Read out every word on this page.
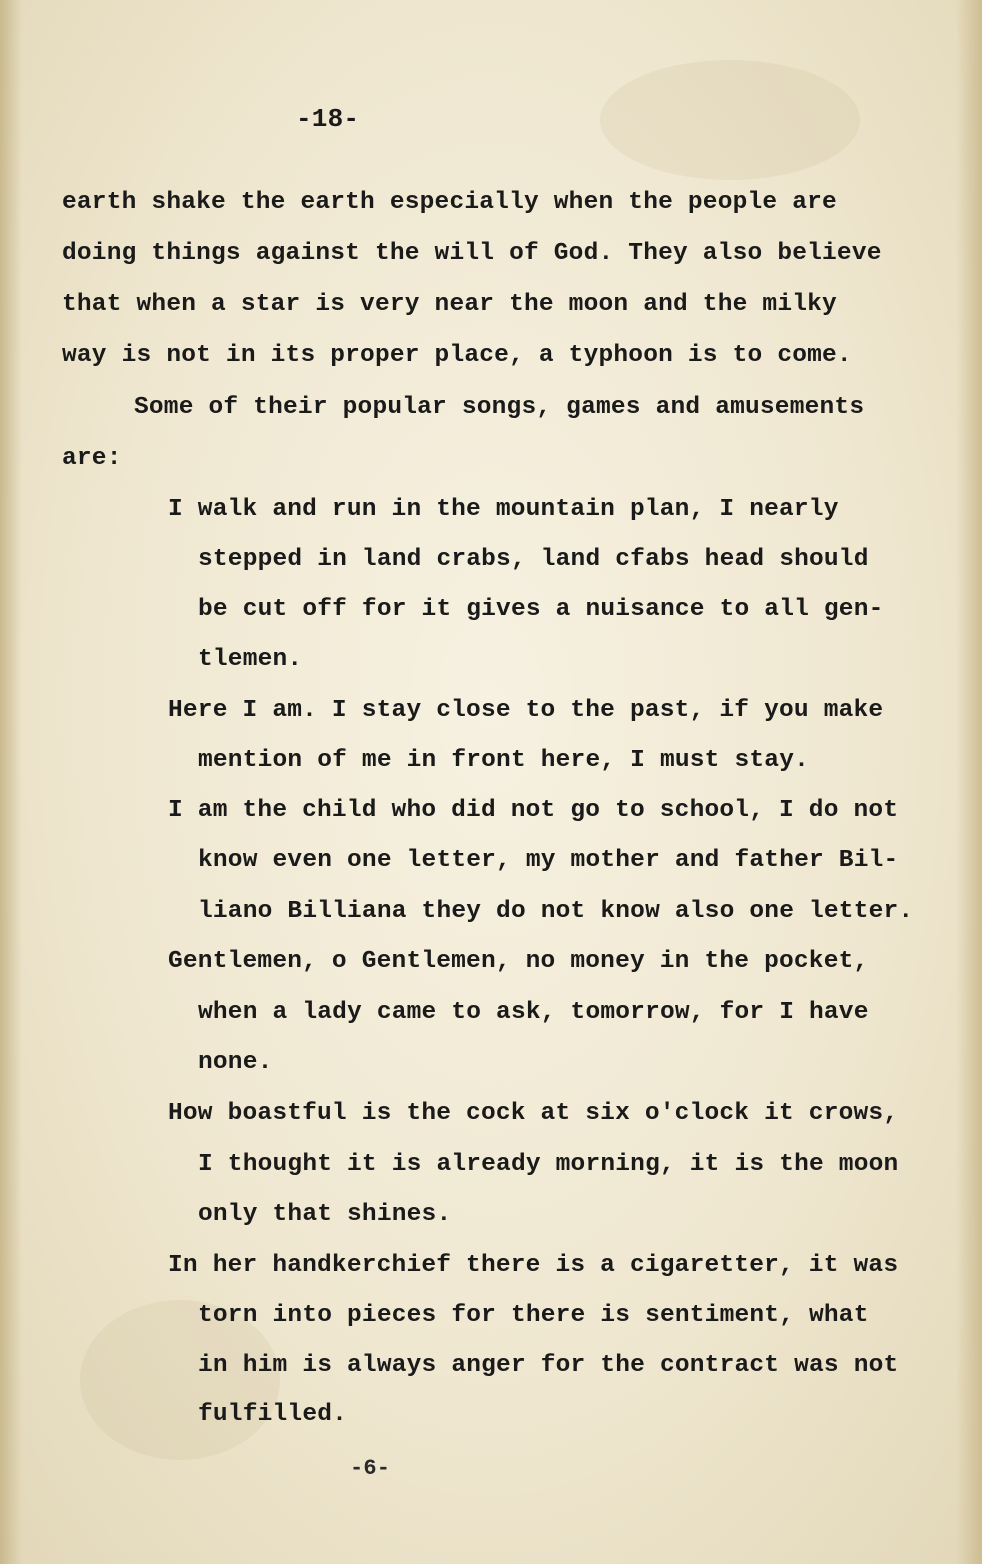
-18-
earth shake the earth especially when the people are
doing things against the will of God. They also believe
that when a star is very near the moon and the milky
way is not in its proper place, a typhoon is to come.
Some of their popular songs, games and amusements
are:
I walk and run in the mountain plan, I nearly
stepped in land crabs, land cfabs head should
be cut off for it gives a nuisance to all gen-
tlemen.
Here I am. I stay close to the past, if you make
mention of me in front here, I must stay.
I am the child who did not go to school, I do not
know even one letter, my mother and father Bil-
liano Billiana they do not know also one letter.
Gentlemen, o Gentlemen, no money in the pocket,
when a lady came to ask, tomorrow, for I have
none.
How boastful is the cock at six o'clock it crows,
I thought it is already morning, it is the moon
only that shines.
In her handkerchief there is a cigaretter, it was
torn into pieces for there is sentiment, what
in him is always anger for the contract was not
fulfilled.
-6-
